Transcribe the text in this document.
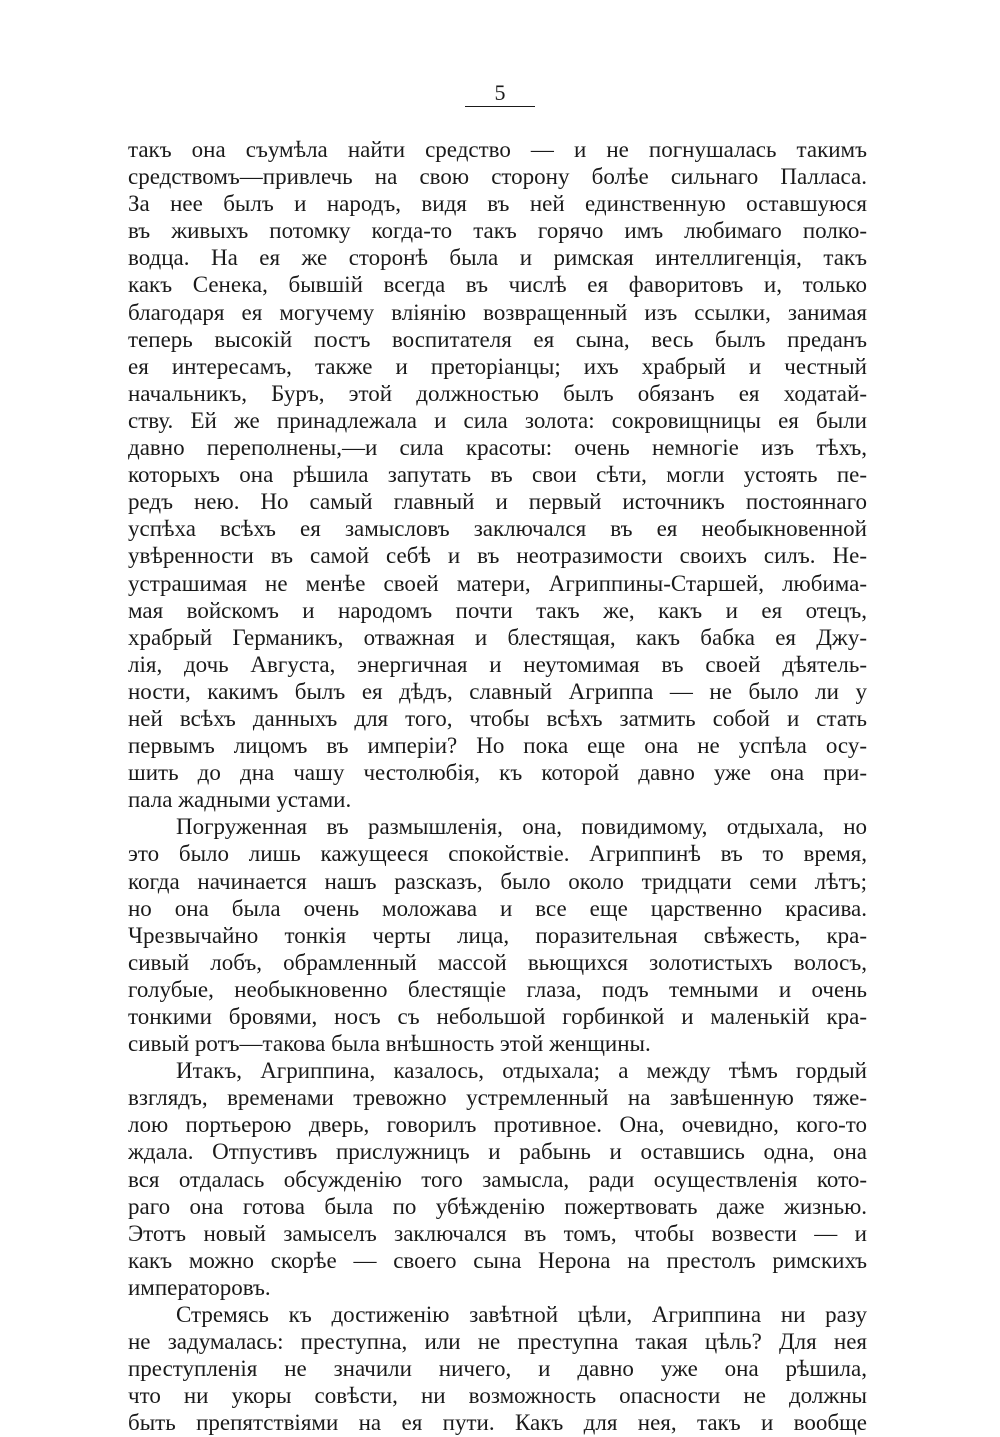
5
такъ она съумѣла найти средство — и не погнушалась такимъ
средствомъ—привлечь на свою сторону болѣе сильнаго Палласа.
За нее былъ и народъ, видя въ ней единственную оставшуюся
въ живыхъ потомку когда-то такъ горячо имъ любимаго полко-
водца. На ея же сторонѣ была и римская интеллигенція, такъ
какъ Сенека, бывшій всегда въ числѣ ея фаворитовъ и, только
благодаря ея могучему вліянію возвращенный изъ ссылки, занимая
теперь высокій постъ воспитателя ея сына, весь былъ преданъ
ея интересамъ, также и преторіанцы; ихъ храбрый и честный
начальникъ, Буръ, этой должностью былъ обязанъ ея ходатай-
ству. Ей же принадлежала и сила золота: сокровищницы ея были
давно переполнены,—и сила красоты: очень немногіе изъ тѣхъ,
которыхъ она рѣшила запутать въ свои сѣти, могли устоять пе-
редъ нею. Но самый главный и первый источникъ постояннаго
успѣха всѣхъ ея замысловъ заключался въ ея необыкновенной
увѣренности въ самой себѣ и въ неотразимости своихъ силъ. Не-
устрашимая не менѣе своей матери, Агриппины-Старшей, любима-
мая войскомъ и народомъ почти такъ же, какъ и ея отецъ,
храбрый Германикъ, отважная и блестящая, какъ бабка ея Джу-
лія, дочь Августа, энергичная и неутомимая въ своей дѣятель-
ности, какимъ былъ ея дѣдъ, славный Агриппа — не было ли у
ней всѣхъ данныхъ для того, чтобы всѣхъ затмить собой и стать
первымъ лицомъ въ имперіи? Но пока еще она не успѣла осу-
шить до дна чашу честолюбія, къ которой давно уже она при-
пала жадными устами.
Погруженная въ размышленія, она, повидимому, отдыхала, но
это было лишь кажущееся спокойствіе. Агриппинѣ въ то время,
когда начинается нашъ разсказъ, было около тридцати семи лѣтъ;
но она была очень моложава и все еще царственно красива.
Чрезвычайно тонкія черты лица, поразительная свѣжесть, кра-
сивый лобъ, обрамленный массой вьющихся золотистыхъ волосъ,
голубые, необыкновенно блестящіе глаза, подъ темными и очень
тонкими бровями, носъ съ небольшой горбинкой и маленькій кра-
сивый ротъ—такова была внѣшность этой женщины.
Итакъ, Агриппина, казалось, отдыхала; а между тѣмъ гордый
взглядъ, временами тревожно устремленный на завѣшенную тяже-
лою портьерою дверь, говорилъ противное. Она, очевидно, кого-то
ждала. Отпустивъ прислужницъ и рабынь и оставшись одна, она
вся отдалась обсужденію того замысла, ради осуществленія кото-
раго она готова была по убѣжденію пожертвовать даже жизнью.
Этотъ новый замыселъ заключался въ томъ, чтобы возвести — и
какъ можно скорѣе — своего сына Нерона на престолъ римскихъ
императоровъ.
Стремясь къ достиженію завѣтной цѣли, Агриппина ни разу
не задумалась: преступна, или не преступна такая цѣль? Для нея
преступленія не значили ничего, и давно уже она рѣшила,
что ни укоры совѣсти, ни возможность опасности не должны
быть препятствіями на ея пути. Какъ для нея, такъ и вообще
